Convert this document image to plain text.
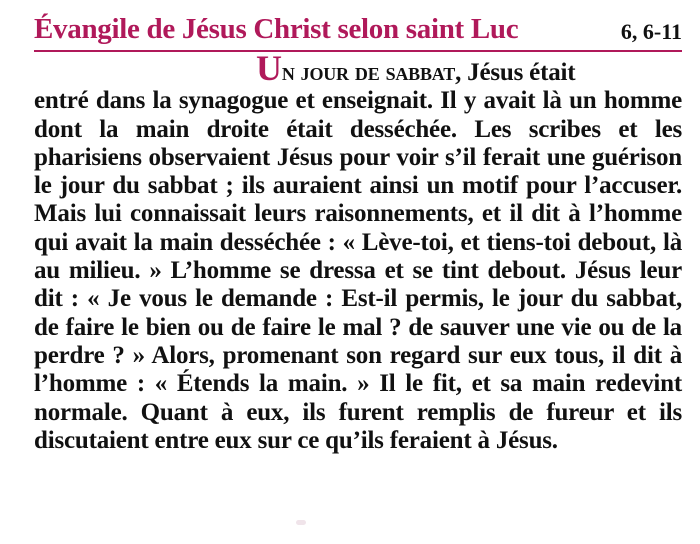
Évangile de Jésus Christ selon saint Luc	6, 6-11
Un jour de sabbat, Jésus était
entré dans la synagogue et enseignait. Il y avait là un homme dont la main droite était desséchée. Les scribes et les pharisiens observaient Jésus pour voir s’il ferait une guérison le jour du sabbat ; ils auraient ainsi un motif pour l’accuser. Mais lui connaissait leurs raisonnements, et il dit à l’homme qui avait la main desséchée : « Lève-toi, et tiens-toi debout, là au milieu. » L’homme se dressa et se tint debout. Jésus leur dit : « Je vous le demande : Est-il permis, le jour du sabbat, de faire le bien ou de faire le mal ? de sauver une vie ou de la perdre ? » Alors, promenant son regard sur eux tous, il dit à l’homme : « Étends la main. » Il le fit, et sa main redevint normale. Quant à eux, ils furent remplis de fureur et ils discutaient entre eux sur ce qu’ils feraient à Jésus.
